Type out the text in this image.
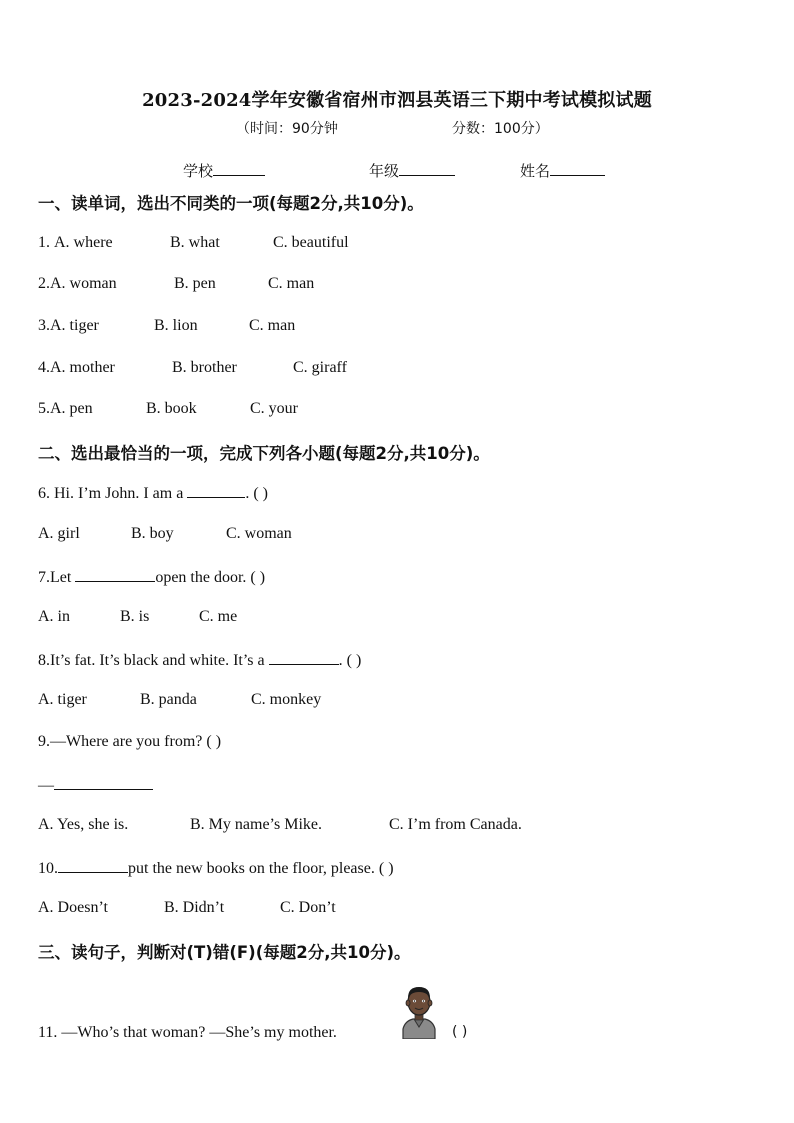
2023-2024学年安徽省宿州市泗县英语三下期中考试模拟试题
（时间：90分钟	分数：100分）
学校	年级	姓名
一、读单词，选出不同类的一项(每题2分,共10分)。
1. A. where	B. what	C. beautiful
2.A. woman	B. pen	C. man
3.A. tiger	B. lion	C. man
4.A. mother	B. brother	C. giraff
5.A. pen	B. book	C. your
二、选出最恰当的一项，完成下列各小题(每题2分,共10分)。
6. Hi. I’m John. I am a	. ( )
A. girl	B. boy	C. woman
7.Let	open the door. ( )
A. in	B. is	C. me
8.It’s fat. It’s black and white. It’s a	. ( )
A. tiger	B. panda	C. monkey
9.—Where are you from? ( )
—
A. Yes, she is.	B. My name’s Mike.	C. I’m from Canada.
10.	put the new books on the floor, please. ( )
A. Doesn’t	B. Didn’t	C. Don’t
三、读句子，判断对(T)错(F)(每题2分,共10分)。
11. —Who’s that woman? —She’s my mother.	( )
